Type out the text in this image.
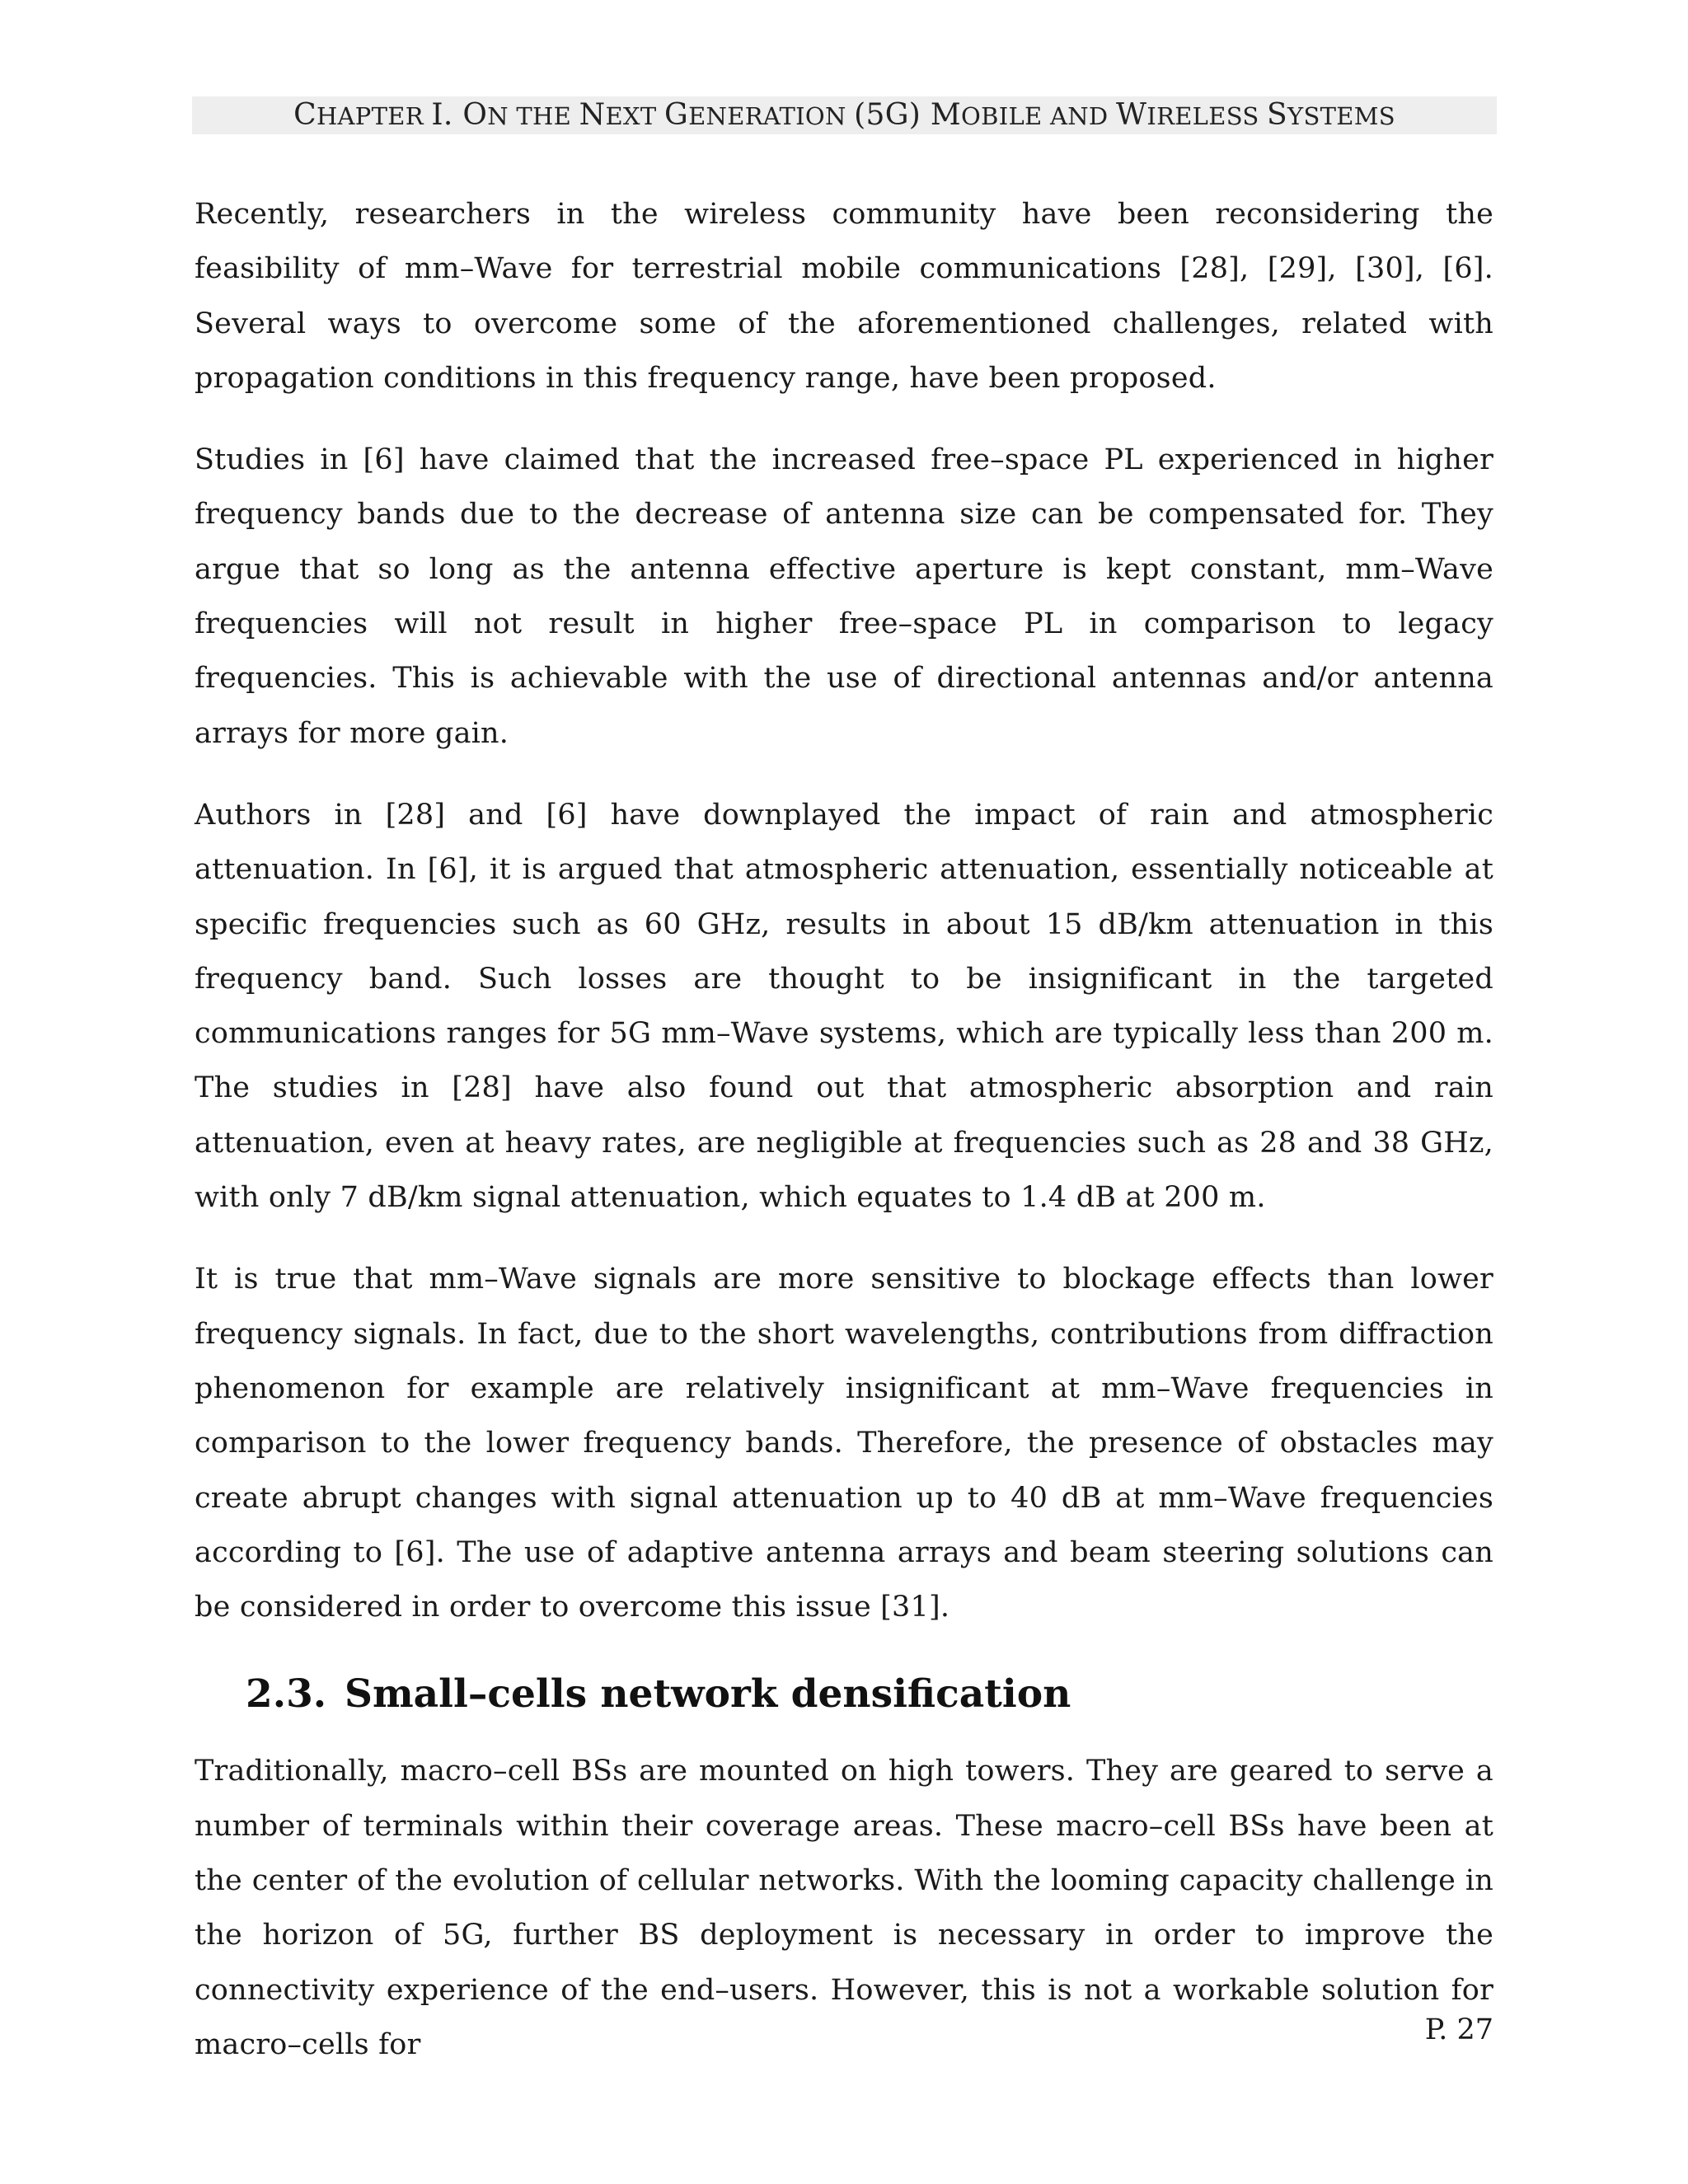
CHAPTER I. ON THE NEXT GENERATION (5G) MOBILE AND WIRELESS SYSTEMS

Recently, researchers in the wireless community have been reconsidering the feasibility of mm–Wave for terrestrial mobile communications [28], [29], [30], [6]. Several ways to overcome some of the aforementioned challenges, related with propagation conditions in this frequency range, have been proposed.

Studies in [6] have claimed that the increased free–space PL experienced in higher frequency bands due to the decrease of antenna size can be compensated for. They argue that so long as the antenna effective aperture is kept constant, mm–Wave frequencies will not result in higher free–space PL in comparison to legacy frequencies. This is achievable with the use of directional antennas and/or antenna arrays for more gain.

Authors in [28] and [6] have downplayed the impact of rain and atmospheric attenuation. In [6], it is argued that atmospheric attenuation, essentially noticeable at specific frequencies such as 60 GHz, results in about 15 dB/km attenuation in this frequency band. Such losses are thought to be insignificant in the targeted communications ranges for 5G mm–Wave systems, which are typically less than 200 m. The studies in [28] have also found out that atmospheric absorption and rain attenuation, even at heavy rates, are negligible at frequencies such as 28 and 38 GHz, with only 7 dB/km signal attenuation, which equates to 1.4 dB at 200 m.

It is true that mm–Wave signals are more sensitive to blockage effects than lower frequency signals. In fact, due to the short wavelengths, contributions from diffraction phenomenon for example are relatively insignificant at mm–Wave frequencies in comparison to the lower frequency bands. Therefore, the presence of obstacles may create abrupt changes with signal attenuation up to 40 dB at mm–Wave frequencies according to [6]. The use of adaptive antenna arrays and beam steering solutions can be considered in order to overcome this issue [31].

2.3. Small–cells network densification

Traditionally, macro–cell BSs are mounted on high towers. They are geared to serve a number of terminals within their coverage areas. These macro–cell BSs have been at the center of the evolution of cellular networks. With the looming capacity challenge in the horizon of 5G, further BS deployment is necessary in order to improve the connectivity experience of the end–users. However, this is not a workable solution for macro–cells for	P. 27
